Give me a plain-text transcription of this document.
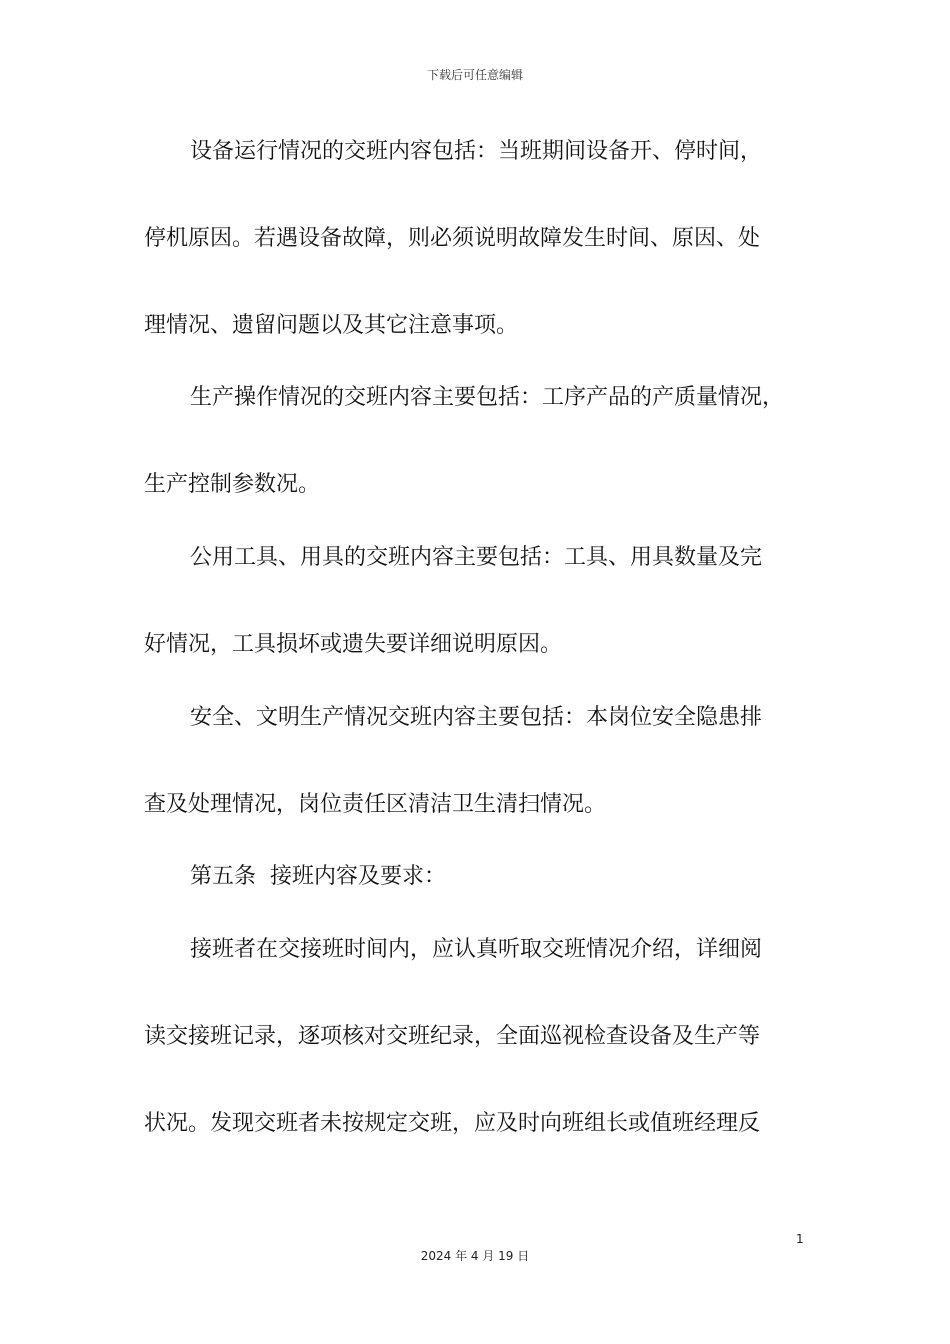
下载后可任意编辑
设备运行情况的交班内容包括：当班期间设备开、停时间，
停机原因。若遇设备故障，则必须说明故障发生时间、原因、处
理情况、遗留问题以及其它注意事项。
生产操作情况的交班内容主要包括：工序产品的产质量情况，
生产控制参数况。
公用工具、用具的交班内容主要包括：工具、用具数量及完
好情况，工具损坏或遗失要详细说明原因。
安全、文明生产情况交班内容主要包括：本岗位安全隐患排
查及处理情况，岗位责任区清洁卫生清扫情况。
第五条  接班内容及要求：
接班者在交接班时间内，应认真听取交班情况介绍，详细阅
读交接班记录，逐项核对交班纪录，全面巡视检查设备及生产等
状况。发现交班者未按规定交班，应及时向班组长或值班经理反
1
2024 年 4 月 19 日
